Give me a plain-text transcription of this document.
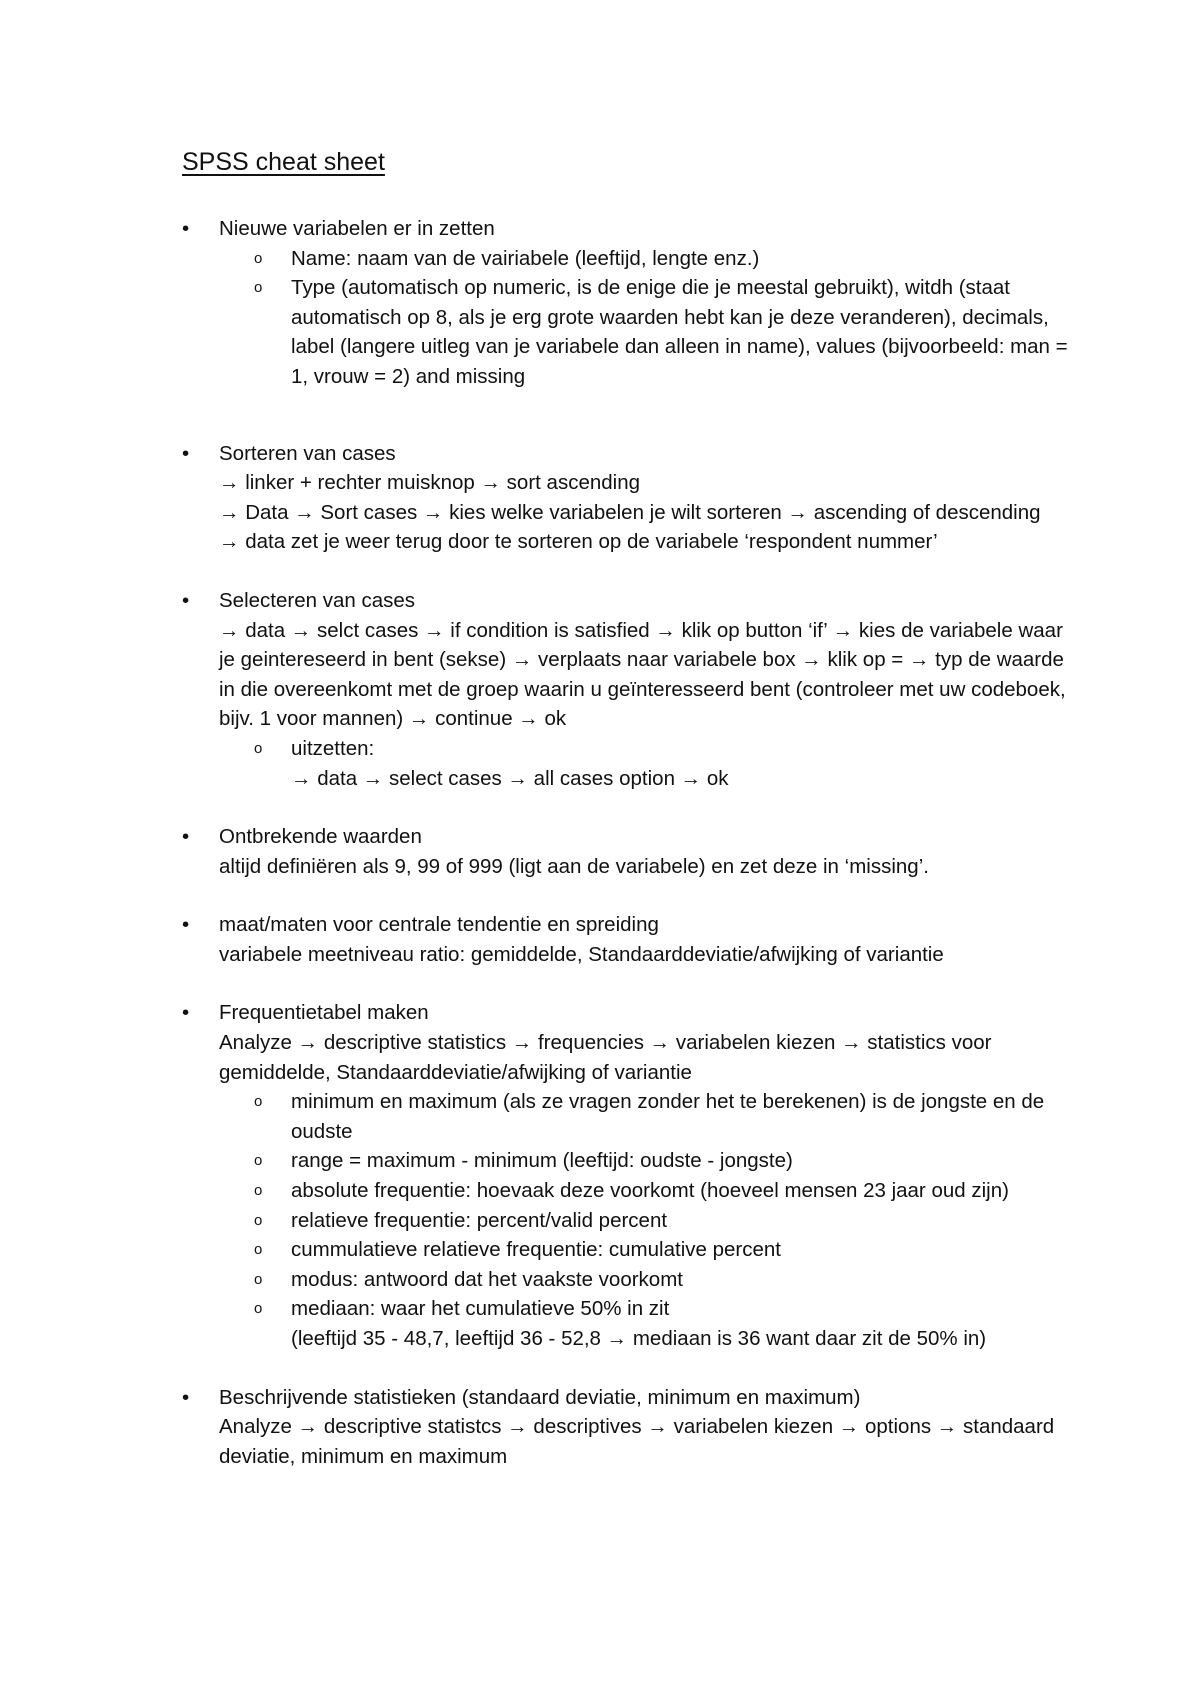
SPSS cheat sheet
•	Nieuwe variabelen er in zetten
o Name: naam van de vairiabele (leeftijd, lengte enz.)
o Type (automatisch op numeric, is de enige die je meestal gebruikt), witdh (staat automatisch op 8, als je erg grote waarden hebt kan je deze veranderen), decimals, label (langere uitleg van je variabele dan alleen in name), values (bijvoorbeeld: man = 1, vrouw = 2) and missing
•	Sorteren van cases
→ linker + rechter muisknop → sort ascending
→ Data → Sort cases → kies welke variabelen je wilt sorteren → ascending of descending
→ data zet je weer terug door te sorteren op de variabele ‘respondent nummer’
•	Selecteren van cases
→ data → selct cases → if condition is satisfied → klik op button ‘if’ → kies de variabele waar je geintereseerd in bent (sekse) → verplaats naar variabele box → klik op = → typ de waarde in die overeenkomt met de groep waarin u geïnteresseerd bent (controleer met uw codeboek, bijv. 1 voor mannen) → continue → ok
o uitzetten:
→ data → select cases → all cases option → ok
•	Ontbrekende waarden
altijd definiëren als 9, 99 of 999 (ligt aan de variabele) en zet deze in ‘missing’.
•	maat/maten voor centrale tendentie en spreiding
variabele meetniveau ratio: gemiddelde, Standaarddeviatie/afwijking of variantie
•	Frequentietabel maken
Analyze → descriptive statistics → frequencies → variabelen kiezen → statistics voor gemiddelde, Standaarddeviatie/afwijking of variantie
o minimum en maximum (als ze vragen zonder het te berekenen) is de jongste en de oudste
o range = maximum - minimum (leeftijd: oudste - jongste)
o absolute frequentie: hoevaak deze voorkomt (hoeveel mensen 23 jaar oud zijn)
o relatieve frequentie: percent/valid percent
o cummulatieve relatieve frequentie: cumulative percent
o modus: antwoord dat het vaakste voorkomt
o mediaan: waar het cumulatieve 50% in zit
(leeftijd 35 - 48,7, leeftijd 36 - 52,8 → mediaan is 36 want daar zit de 50% in)
•	Beschrijvende statistieken (standaard deviatie, minimum en maximum)
Analyze → descriptive statistcs → descriptives → variabelen kiezen → options → standaard deviatie, minimum en maximum
